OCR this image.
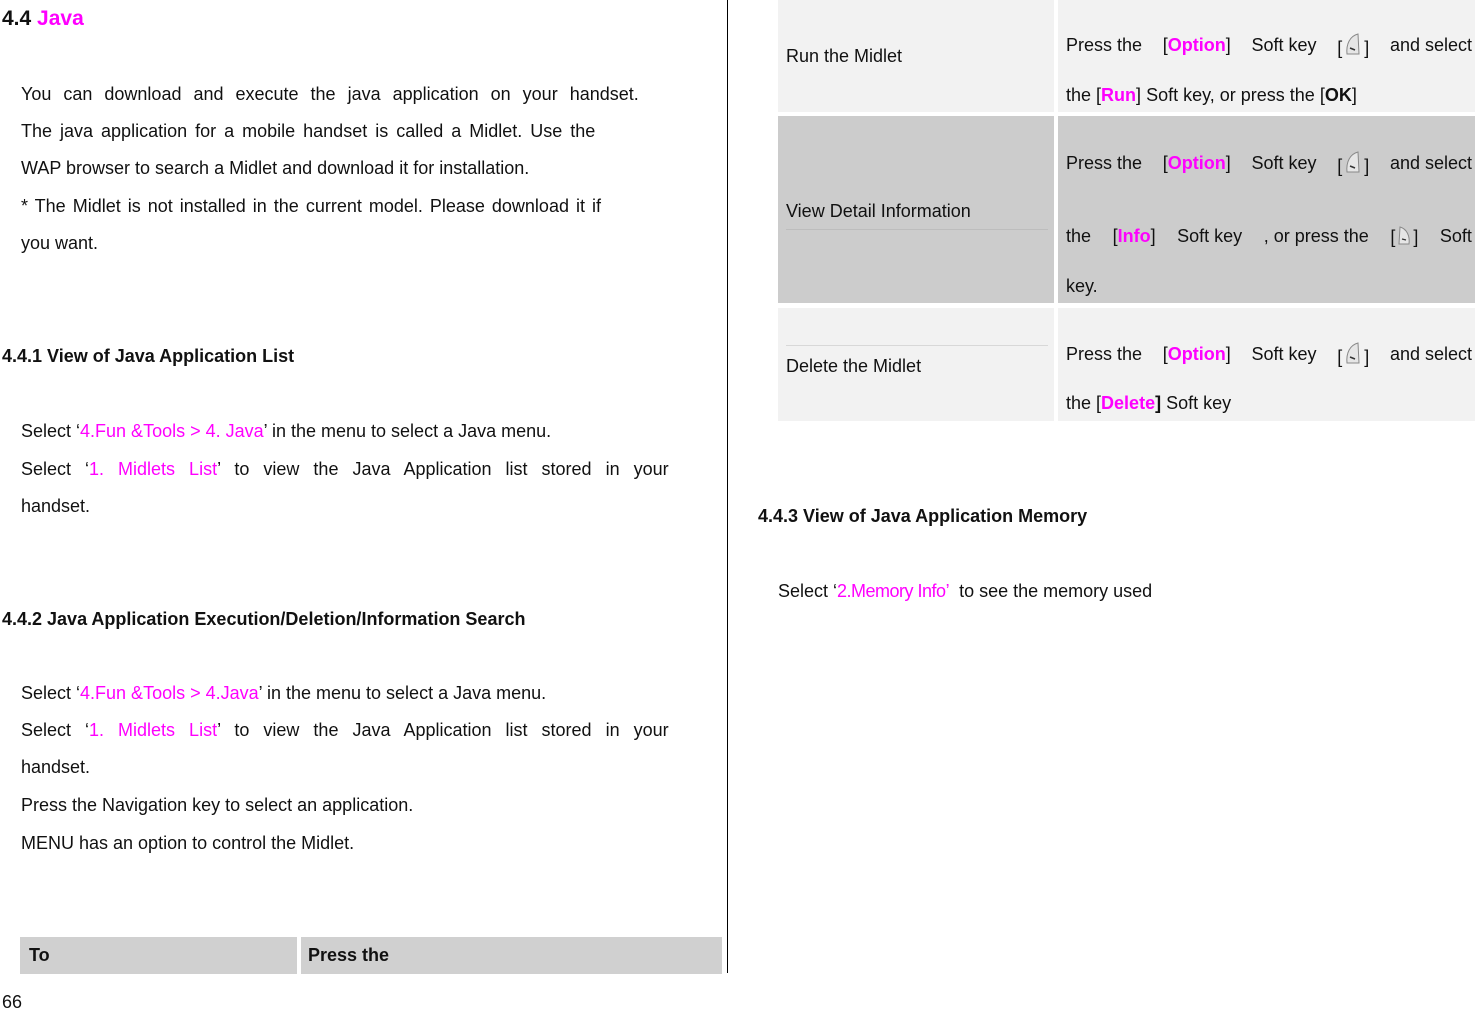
4.4 Java
You can download and execute the java application on your handset.
The java application for a mobile handset is called a Midlet. Use the
WAP browser to search a Midlet and download it for installation.
* The Midlet is not installed in the current model. Please download it if
you want.
4.4.1 View of Java Application List
Select ‘4.Fun &Tools > 4. Java’ in the menu to select a Java menu.
Select ‘1. Midlets List’ to view the Java Application list stored in your
handset.
4.4.2 Java Application Execution/Deletion/Information Search
Select ‘4.Fun &Tools > 4.Java’ in the menu to select a Java menu.
Select ‘1. Midlets List’ to view the Java Application list stored in your
handset.
Press the Navigation key to select an application.
MENU has an option to control the Midlet.
To	Press the
66
Run the Midlet
Press the [Option] Soft key [ ] and select
the [Run] Soft key, or press the [OK]
View Detail Information
Press the [Option] Soft key [ ] and select
the [Info] Soft key , or press the [ ] Soft
key.
Delete the Midlet
Press the [Option] Soft key [ ] and select
the [Delete] Soft key
4.4.3 View of Java Application Memory
Select ‘2.Memory Info’ to see the memory used
